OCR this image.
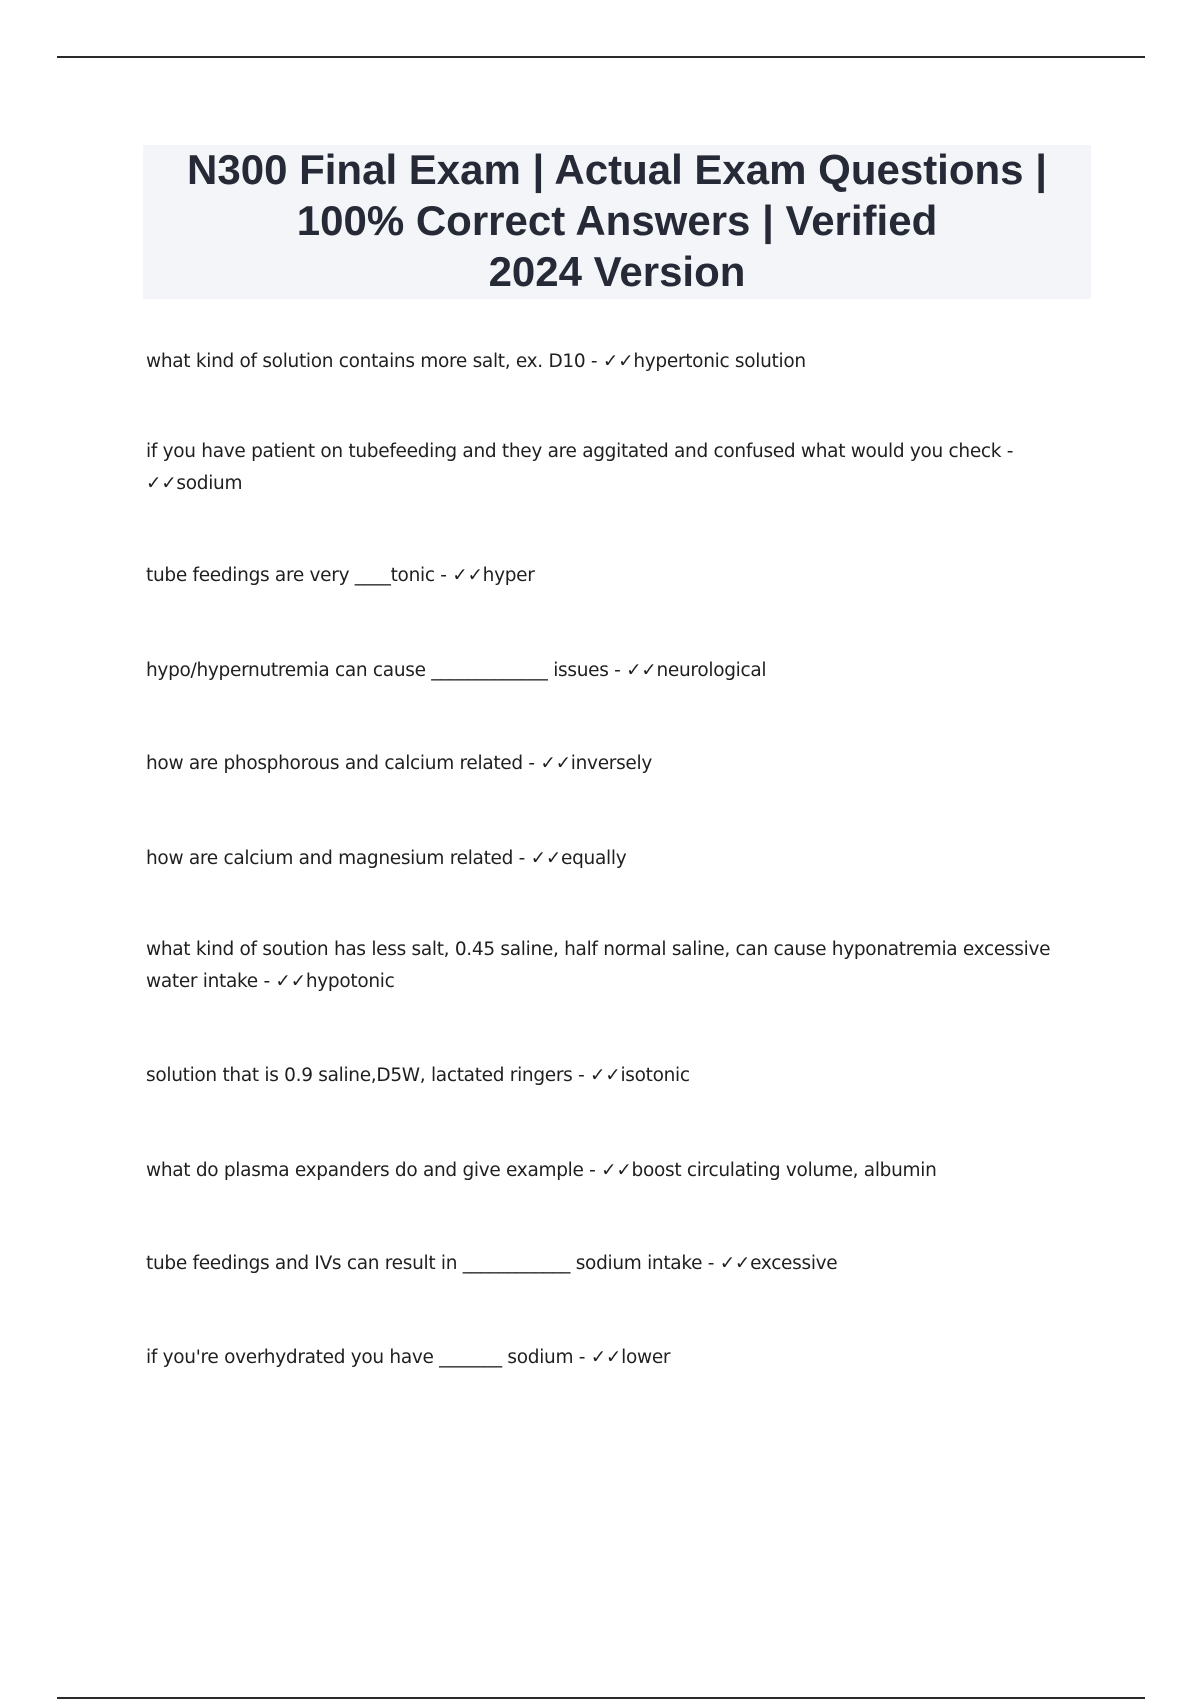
N300 Final Exam | Actual Exam Questions |
100% Correct Answers | Verified
2024 Version

what kind of solution contains more salt, ex. D10 - ✓✓hypertonic solution

if you have patient on tubefeeding and they are aggitated and confused what would you check - ✓✓sodium

tube feedings are very ____tonic - ✓✓hyper

hypo/hypernutremia can cause _____________ issues - ✓✓neurological

how are phosphorous and calcium related - ✓✓inversely

how are calcium and magnesium related - ✓✓equally

what kind of soution has less salt, 0.45 saline, half normal saline, can cause hyponatremia excessive water intake - ✓✓hypotonic

solution that is 0.9 saline,D5W, lactated ringers - ✓✓isotonic

what do plasma expanders do and give example - ✓✓boost circulating volume, albumin

tube feedings and IVs can result in ____________ sodium intake - ✓✓excessive

if you're overhydrated you have _______ sodium - ✓✓lower
